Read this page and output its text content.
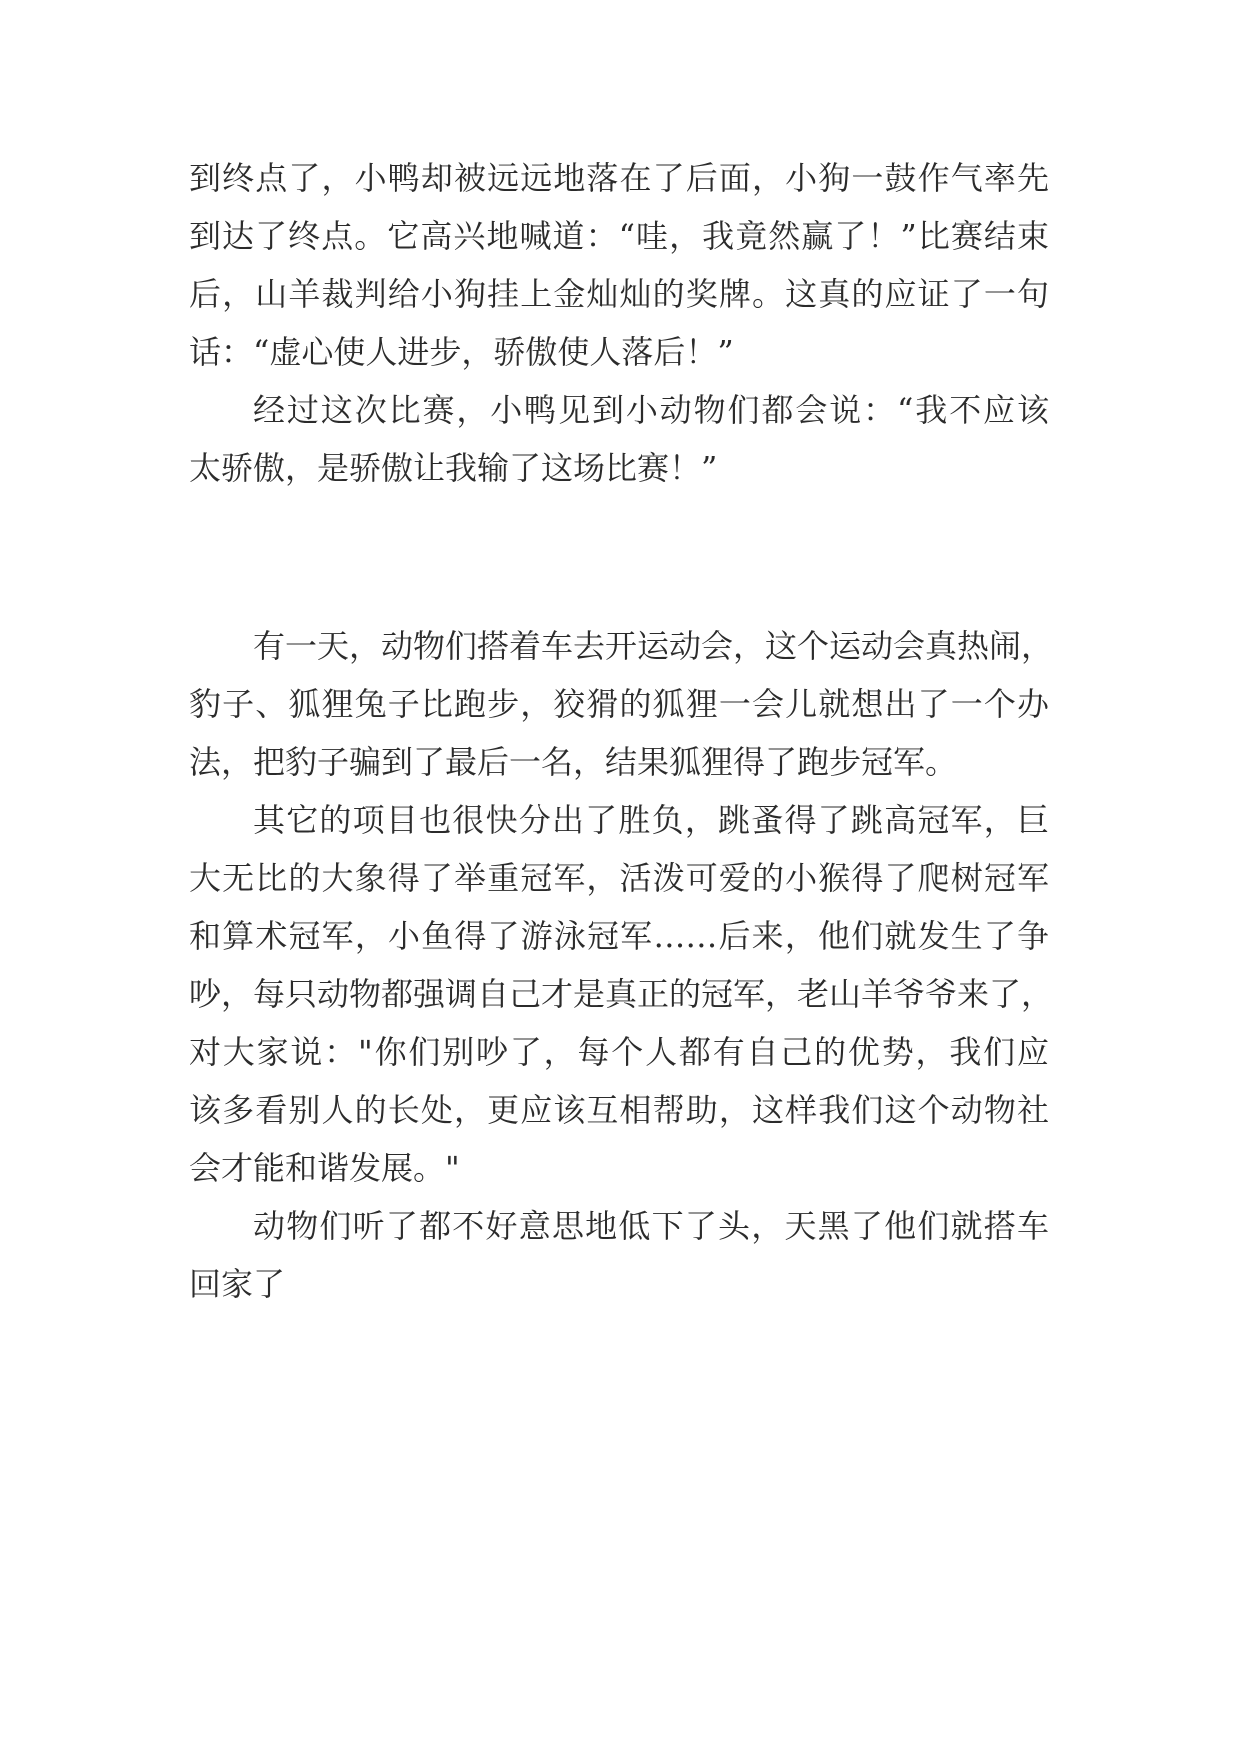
到终点了，小鸭却被远远地落在了后面，小狗一鼓作气率先
到达了终点。它高兴地喊道：“哇，我竟然赢了！”比赛结束
后，山羊裁判给小狗挂上金灿灿的奖牌。这真的应证了一句
话：“虚心使人进步，骄傲使人落后！”
经过这次比赛，小鸭见到小动物们都会说：“我不应该
太骄傲，是骄傲让我输了这场比赛！”
有一天，动物们搭着车去开运动会，这个运动会真热闹，
豹子、狐狸兔子比跑步，狡猾的狐狸一会儿就想出了一个办
法，把豹子骗到了最后一名，结果狐狸得了跑步冠军。
其它的项目也很快分出了胜负，跳蚤得了跳高冠军，巨
大无比的大象得了举重冠军，活泼可爱的小猴得了爬树冠军
和算术冠军，小鱼得了游泳冠军……后来，他们就发生了争
吵，每只动物都强调自己才是真正的冠军，老山羊爷爷来了，
对大家说："你们别吵了，每个人都有自己的优势，我们应
该多看别人的长处，更应该互相帮助，这样我们这个动物社
会才能和谐发展。"
动物们听了都不好意思地低下了头，天黑了他们就搭车
回家了
